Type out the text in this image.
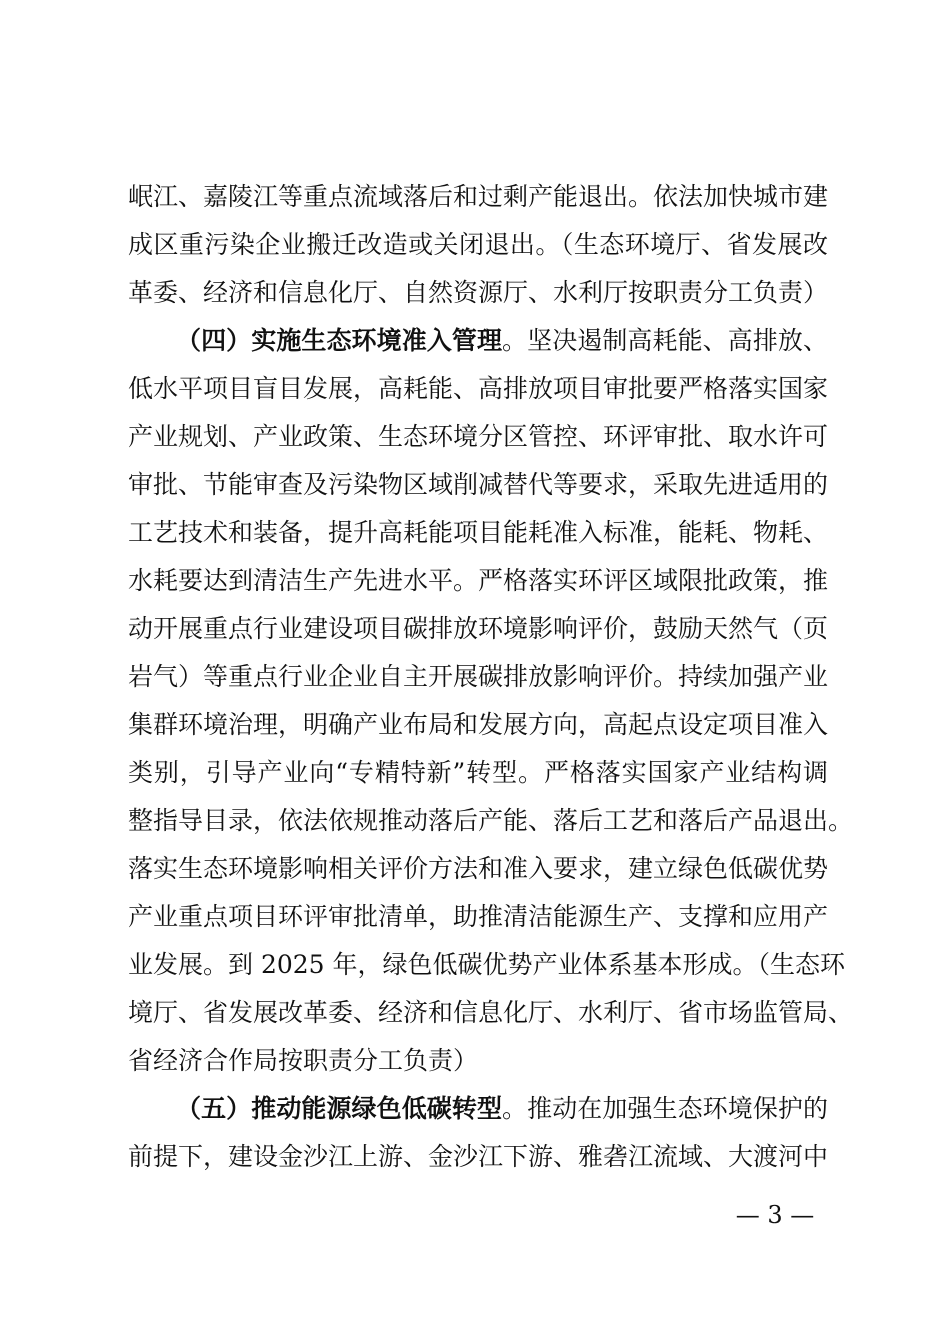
岷江、嘉陵江等重点流域落后和过剩产能退出。依法加快城市建
成区重污染企业搬迁改造或关闭退出。（生态环境厅、省发展改
革委、经济和信息化厅、自然资源厅、水利厅按职责分工负责）
（四）实施生态环境准入管理。坚决遏制高耗能、高排放、
低水平项目盲目发展，高耗能、高排放项目审批要严格落实国家
产业规划、产业政策、生态环境分区管控、环评审批、取水许可
审批、节能审查及污染物区域削减替代等要求，采取先进适用的
工艺技术和装备，提升高耗能项目能耗准入标准，能耗、物耗、
水耗要达到清洁生产先进水平。严格落实环评区域限批政策，推
动开展重点行业建设项目碳排放环境影响评价，鼓励天然气（页
岩气）等重点行业企业自主开展碳排放影响评价。持续加强产业
集群环境治理，明确产业布局和发展方向，高起点设定项目准入
类别，引导产业向“专精特新”转型。严格落实国家产业结构调
整指导目录，依法依规推动落后产能、落后工艺和落后产品退出。
落实生态环境影响相关评价方法和准入要求，建立绿色低碳优势
产业重点项目环评审批清单，助推清洁能源生产、支撑和应用产
业发展。到 2025 年，绿色低碳优势产业体系基本形成。（生态环
境厅、省发展改革委、经济和信息化厅、水利厅、省市场监管局、
省经济合作局按职责分工负责）
（五）推动能源绿色低碳转型。推动在加强生态环境保护的
前提下，建设金沙江上游、金沙江下游、雅砻江流域、大渡河中
— 3 —
